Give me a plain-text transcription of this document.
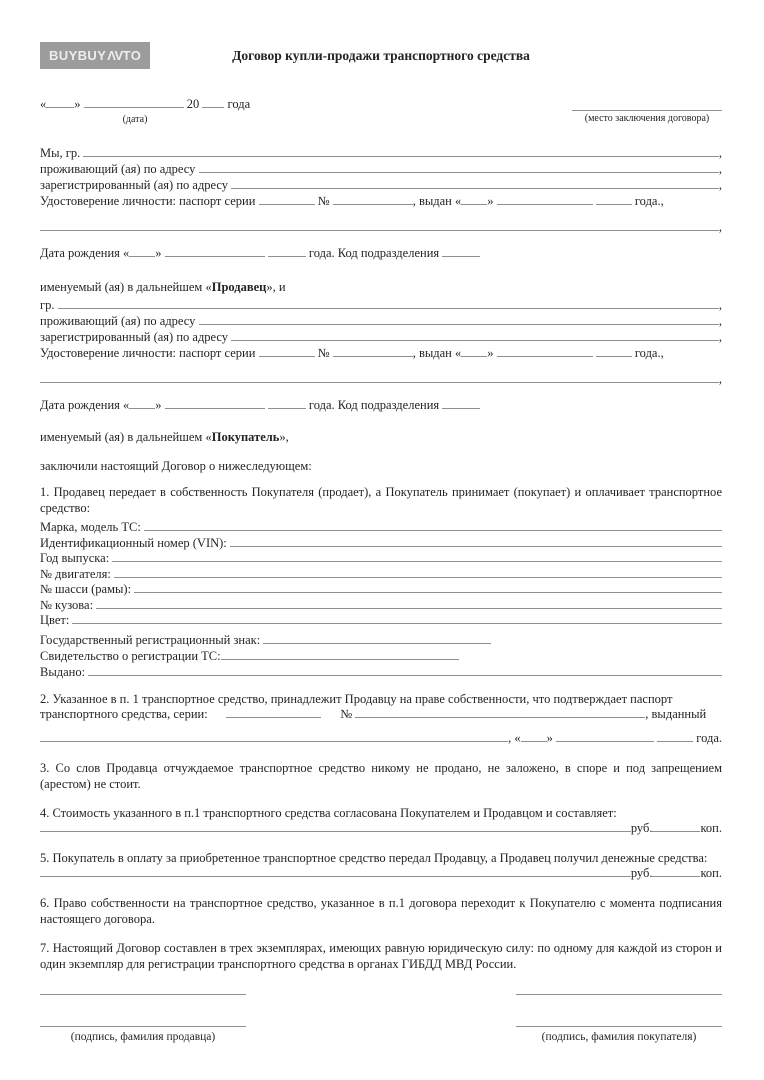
BUYBUYΛVTO	Договор купли-продажи транспортного средства
« »	20 года
(дата)	(место заключения договора)
Мы, гр.	,
проживающий (ая) по адресу	,
зарегистрированный (ая) по адресу	,
Удостоверение личности: паспорт серии	№	, выдан « »
	года.,
,
Дата рождения « »
	года. Код подразделения
именуемый (ая) в дальнейшем « Продавец », и
гр.	,
проживающий (ая) по адресу	,
зарегистрированный (ая) по адресу	,
Удостоверение личности: паспорт серии	№	, выдан « »
	года.,
,
Дата рождения « »
	года. Код подразделения
именуемый (ая) в дальнейшем « Покупатель »,
заключили настоящий Договор о нижеследующем:
1. Продавец передает в собственность Покупателя (продает), а Покупатель принимает (покупает) и оплачивает транспортное средство:
Марка, модель ТС:
Идентификационный номер (VIN):
Год выпуска:
№ двигателя:
№ шасси (рамы):
№ кузова:
Цвет:
Государственный регистрационный знак:
Свидетельство о регистрации ТС:
Выдано:
2. Указанное в п. 1 транспортное средство, принадлежит Продавцу на праве собственности, что подтверждает паспорт
транспортного средства, серии:	№	, выданный
, « »
	года.
3. Со слов Продавца отчуждаемое транспортное средство никому не продано, не заложено, в споре и под запрещением (арестом) не стоит.
4. Стоимость указанного в п.1 транспортного средства согласована Покупателем и Продавцом и составляет:
руб.	коп.
5. Покупатель в оплату за приобретенное транспортное средство передал Продавцу, а Продавец получил денежные средства:
руб.	коп.
6. Право собственности на транспортное средство, указанное в п.1 договора переходит к Покупателю с момента подписания настоящего договора.
7. Настоящий Договор составлен в трех экземплярах, имеющих равную юридическую силу: по одному для каждой из сторон и один экземпляр для регистрации транспортного средства в органах ГИБДД МВД России.
(подпись, фамилия продавца)	(подпись, фамилия покупателя)
